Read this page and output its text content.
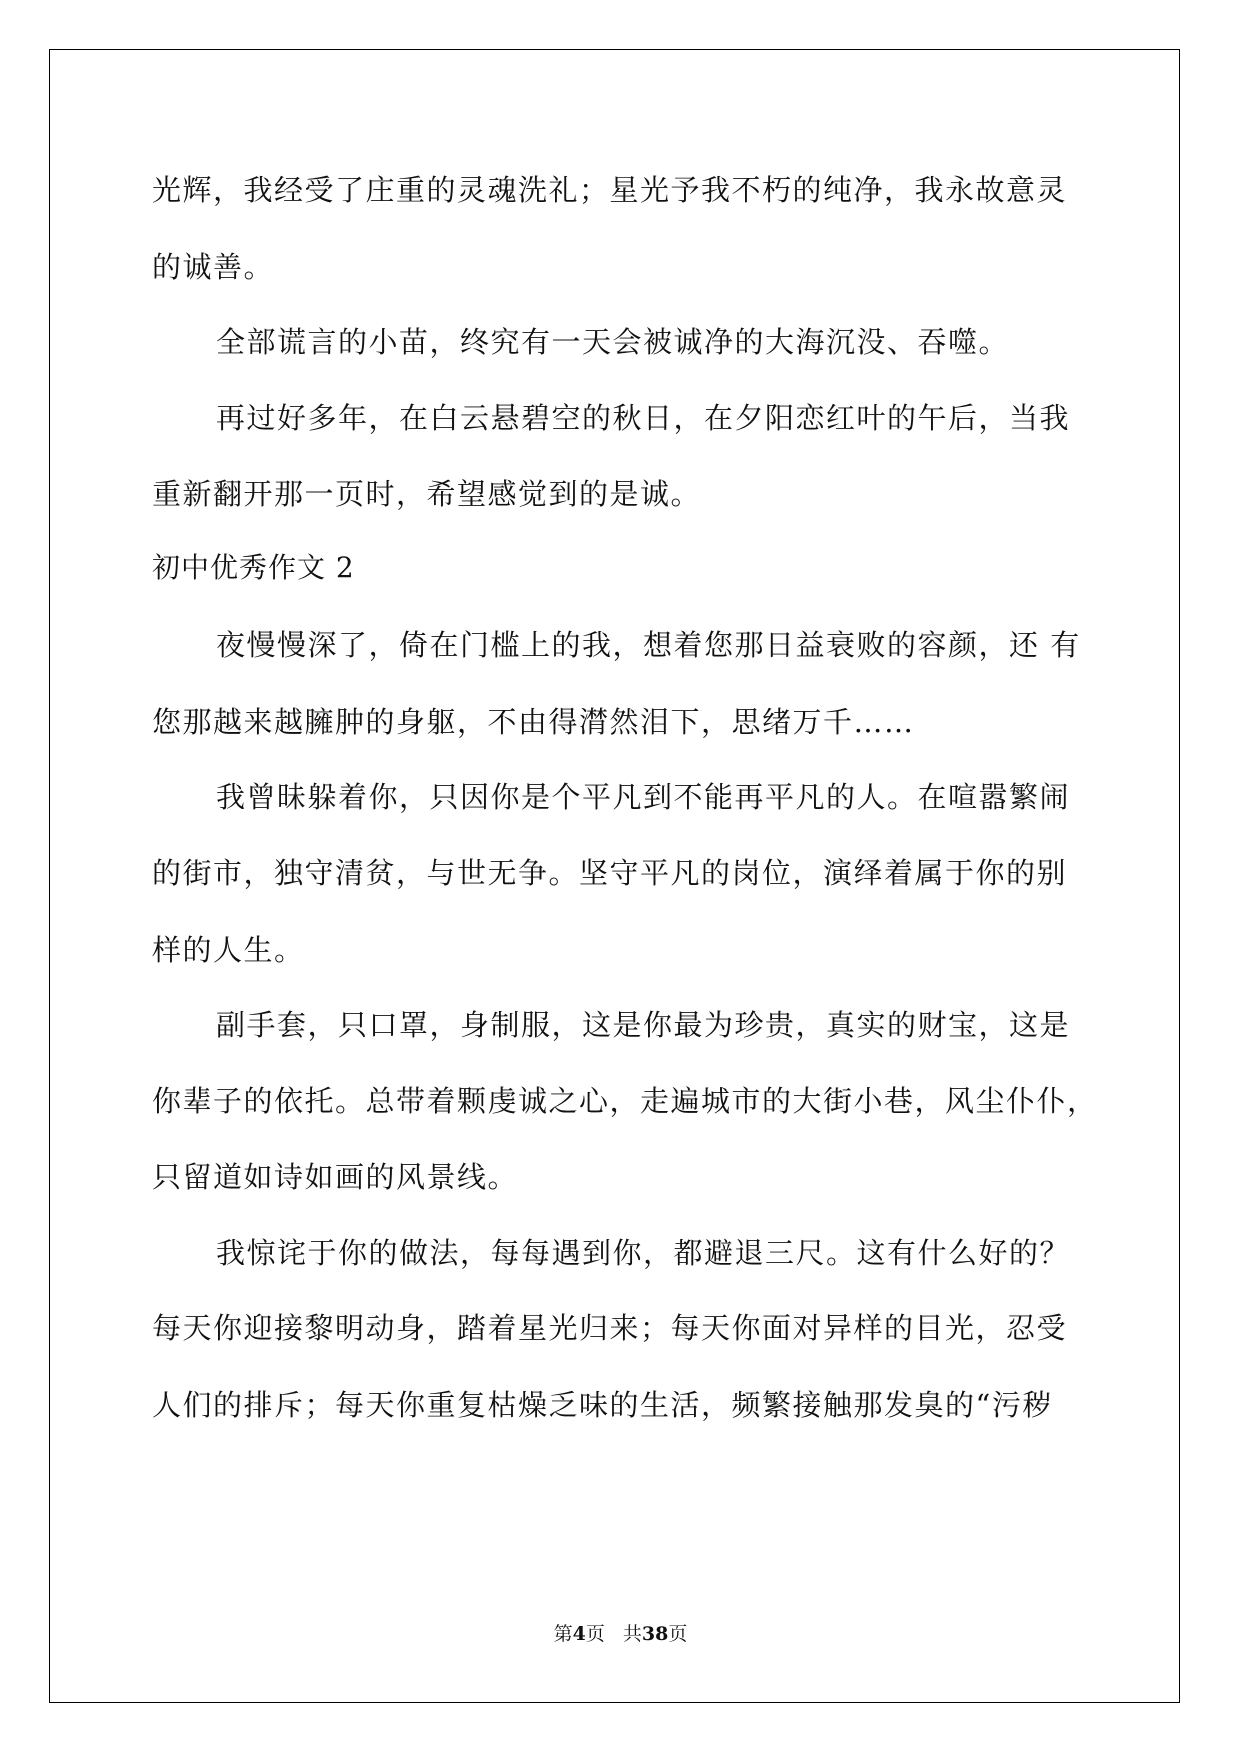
光辉，我经受了庄重的灵魂洗礼；星光予我不朽的纯净，我永故意灵
的诚善。
全部谎言的小苗，终究有一天会被诚净的大海沉没、吞噬。
再过好多年，在白云悬碧空的秋日，在夕阳恋红叶的午后，当我
重新翻开那一页时，希望感觉到的是诚。
初中优秀作文 2
夜慢慢深了，倚在门槛上的我，想着您那日益衰败的容颜，还 有
您那越来越臃肿的身躯，不由得潸然泪下，思绪万千……
我曾昧躲着你，只因你是个平凡到不能再平凡的人。在喧嚣繁闹
的街市，独守清贫，与世无争。坚守平凡的岗位，演绎着属于你的别
样的人生。
副手套，只口罩，身制服，这是你最为珍贵，真实的财宝，这是
你辈子的依托。总带着颗虔诚之心，走遍城市的大街小巷，风尘仆仆，
只留道如诗如画的风景线。
我惊诧于你的做法，每每遇到你，都避退三尺。这有什么好的？
每天你迎接黎明动身，踏着星光归来；每天你面对异样的目光，忍受
人们的排斥；每天你重复枯燥乏味的生活，频繁接触那发臭的“污秽
第4页 共38页
